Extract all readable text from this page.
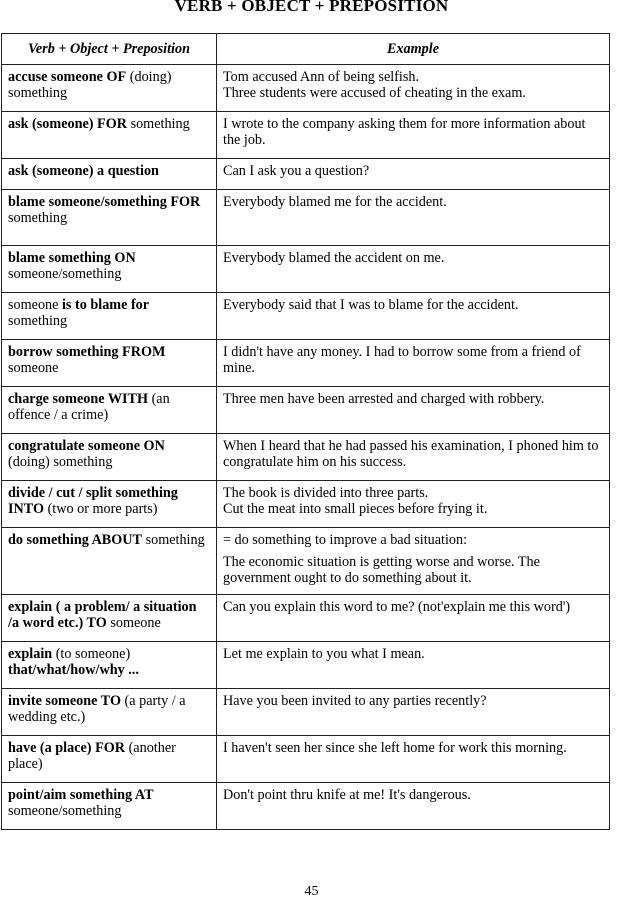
VERB + OBJECT + PREPOSITION
Verb + Object + Preposition	Example
accuse someone OF (doing) something	Tom accused Ann of being selfish.
Three students were accused of cheating in the exam.

ask (someone) FOR something	I wrote to the company asking them for more information about the job.

ask (someone) a question	Can I ask you a question?

blame someone/something FOR something	Everybody blamed me for the accident.

blame something ON someone/something	Everybody blamed the accident on me.

someone is to blame for something	Everybody said that I was to blame for the accident.

borrow something FROM someone	I didn't have any money. I had to borrow some from a friend of mine.

charge someone WITH (an offence / a crime)	Three men have been arrested and charged with robbery.

congratulate someone ON (doing) something	When I heard that he had passed his examination, I phoned him to congratulate him on his success.

divide / cut / split something INTO (two or more parts)	The book is divided into three parts.
Cut the meat into small pieces before frying it.

do something ABOUT something	= do something to improve a bad situation:
The economic situation is getting worse and worse. The government ought to do something about it.

explain ( a problem/ a situation /a word etc.) TO someone	Can you explain this word to me? (not'explain me this word')

explain (to someone) that/what/how/why ...	Let me explain to you what I mean.

invite someone TO (a party / a wedding etc.)	Have you been invited to any parties recently?

have (a place) FOR (another place)	I haven't seen her since she left home for work this morning.

point/aim something AT someone/something	Don't point thru knife at me! It's dangerous.
45
